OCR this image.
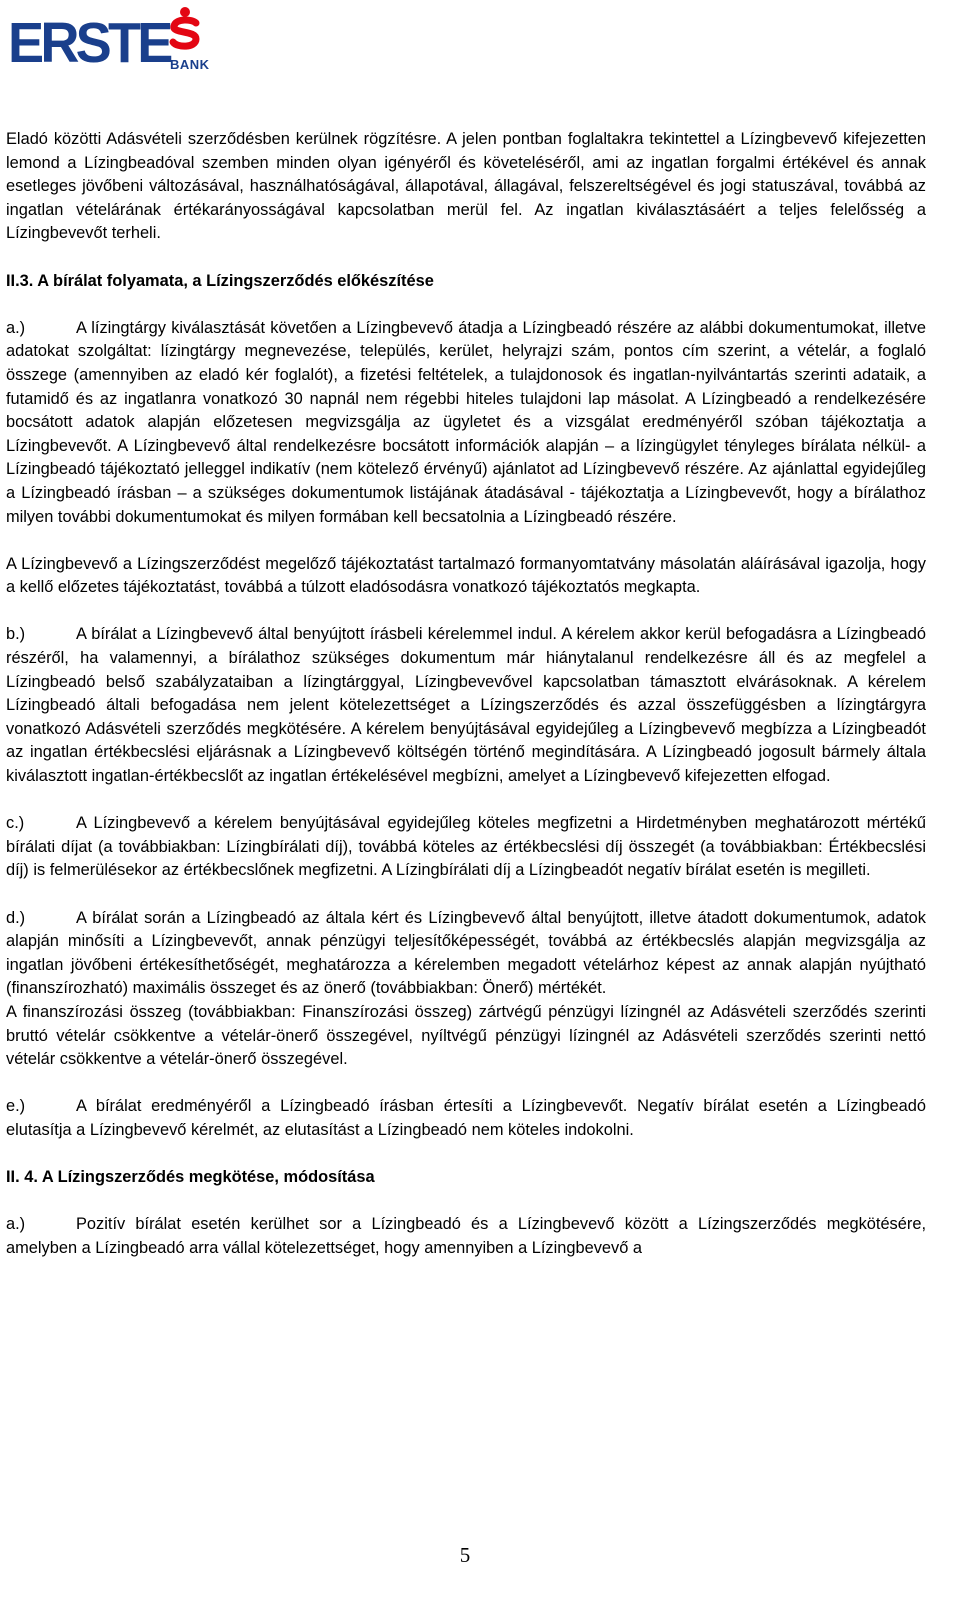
ERSTE BANK

Eladó közötti Adásvételi szerződésben kerülnek rögzítésre. A jelen pontban foglaltakra tekintettel a Lízingbevevő kifejezetten lemond a Lízingbeadóval szemben minden olyan igényéről és követeléséről, ami az ingatlan forgalmi értékével és annak esetleges jövőbeni változásával, használhatóságával, állapotával, állagával, felszereltségével és jogi statuszával, továbbá az ingatlan vételárának értékarányosságával kapcsolatban merül fel. Az ingatlan kiválasztásáért a teljes felelősség a Lízingbevevőt terheli.

II.3. A bírálat folyamata, a Lízingszerződés előkészítése

a.)	A lízingtárgy kiválasztását követően a Lízingbevevő átadja a Lízingbeadó részére az alábbi dokumentumokat, illetve adatokat szolgáltat: lízingtárgy megnevezése, település, kerület, helyrajzi szám, pontos cím szerint, a vételár, a foglaló összege (amennyiben az eladó kér foglalót), a fizetési feltételek, a tulajdonosok és ingatlan-nyilvántartás szerinti adataik, a futamidő és az ingatlanra vonatkozó 30 napnál nem régebbi hiteles tulajdoni lap másolat. A Lízingbeadó a rendelkezésére bocsátott adatok alapján előzetesen megvizsgálja az ügyletet és a vizsgálat eredményéről szóban tájékoztatja a Lízingbevevőt. A Lízingbevevő által rendelkezésre bocsátott információk alapján – a lízingügylet tényleges bírálata nélkül- a Lízingbeadó tájékoztató jelleggel indikatív (nem kötelező érvényű) ajánlatot ad Lízingbevevő részére. Az ajánlattal egyidejűleg a Lízingbeadó írásban – a szükséges dokumentumok listájának átadásával - tájékoztatja a Lízingbevevőt, hogy a bírálathoz milyen további dokumentumokat és milyen formában kell becsatolnia a Lízingbeadó részére.

A Lízingbevevő a Lízingszerződést megelőző tájékoztatást tartalmazó formanyomtatvány másolatán aláírásával igazolja, hogy a kellő előzetes tájékoztatást, továbbá a túlzott eladósodásra vonatkozó tájékoztatós megkapta.

b.)	A bírálat a Lízingbevevő által benyújtott írásbeli kérelemmel indul. A kérelem akkor kerül befogadásra a Lízingbeadó részéről, ha valamennyi, a bírálathoz szükséges dokumentum már hiánytalanul rendelkezésre áll és az megfelel a Lízingbeadó belső szabályzataiban a lízingtárggyal, Lízingbevevővel kapcsolatban támasztott elvárásoknak. A kérelem Lízingbeadó általi befogadása nem jelent kötelezettséget a Lízingszerződés és azzal összefüggésben a lízingtárgyra vonatkozó Adásvételi szerződés megkötésére. A kérelem benyújtásával egyidejűleg a Lízingbevevő megbízza a Lízingbeadót az ingatlan értékbecslési eljárásnak a Lízingbevevő költségén történő megindítására. A Lízingbeadó jogosult bármely általa kiválasztott ingatlan-értékbecslőt az ingatlan értékelésével megbízni, amelyet a Lízingbevevő kifejezetten elfogad.

c.)	A Lízingbevevő a kérelem benyújtásával egyidejűleg köteles megfizetni a Hirdetményben meghatározott mértékű bírálati díjat (a továbbiakban: Lízingbírálati díj), továbbá köteles az értékbecslési díj összegét (a továbbiakban: Értékbecslési díj) is felmerülésekor az értékbecslőnek megfizetni. A Lízingbírálati díj a Lízingbeadót negatív bírálat esetén is megilleti.

d.)	A bírálat során a Lízingbeadó az általa kért és Lízingbevevő által benyújtott, illetve átadott dokumentumok, adatok alapján minősíti a Lízingbevevőt, annak pénzügyi teljesítőképességét, továbbá az értékbecslés alapján megvizsgálja az ingatlan jövőbeni értékesíthetőségét, meghatározza a kérelemben megadott vételárhoz képest az annak alapján nyújtható (finanszírozható) maximális összeget és az önerő (továbbiakban: Önerő) mértékét.

A finanszírozási összeg (továbbiakban: Finanszírozási összeg) zártvégű pénzügyi lízingnél az Adásvételi szerződés szerinti bruttó vételár csökkentve a vételár-önerő összegével, nyíltvégű pénzügyi lízingnél az Adásvételi szerződés szerinti nettó vételár csökkentve a vételár-önerő összegével.

e.)	A bírálat eredményéről a Lízingbeadó írásban értesíti a Lízingbevevőt. Negatív bírálat esetén a Lízingbeadó elutasítja a Lízingbevevő kérelmét, az elutasítást a Lízingbeadó nem köteles indokolni.

II. 4. A Lízingszerződés megkötése, módosítása

a.)	Pozitív bírálat esetén kerülhet sor a Lízingbeadó és a Lízingbevevő között a Lízingszerződés megkötésére, amelyben a Lízingbeadó arra vállal kötelezettséget, hogy amennyiben a Lízingbevevő a

5
